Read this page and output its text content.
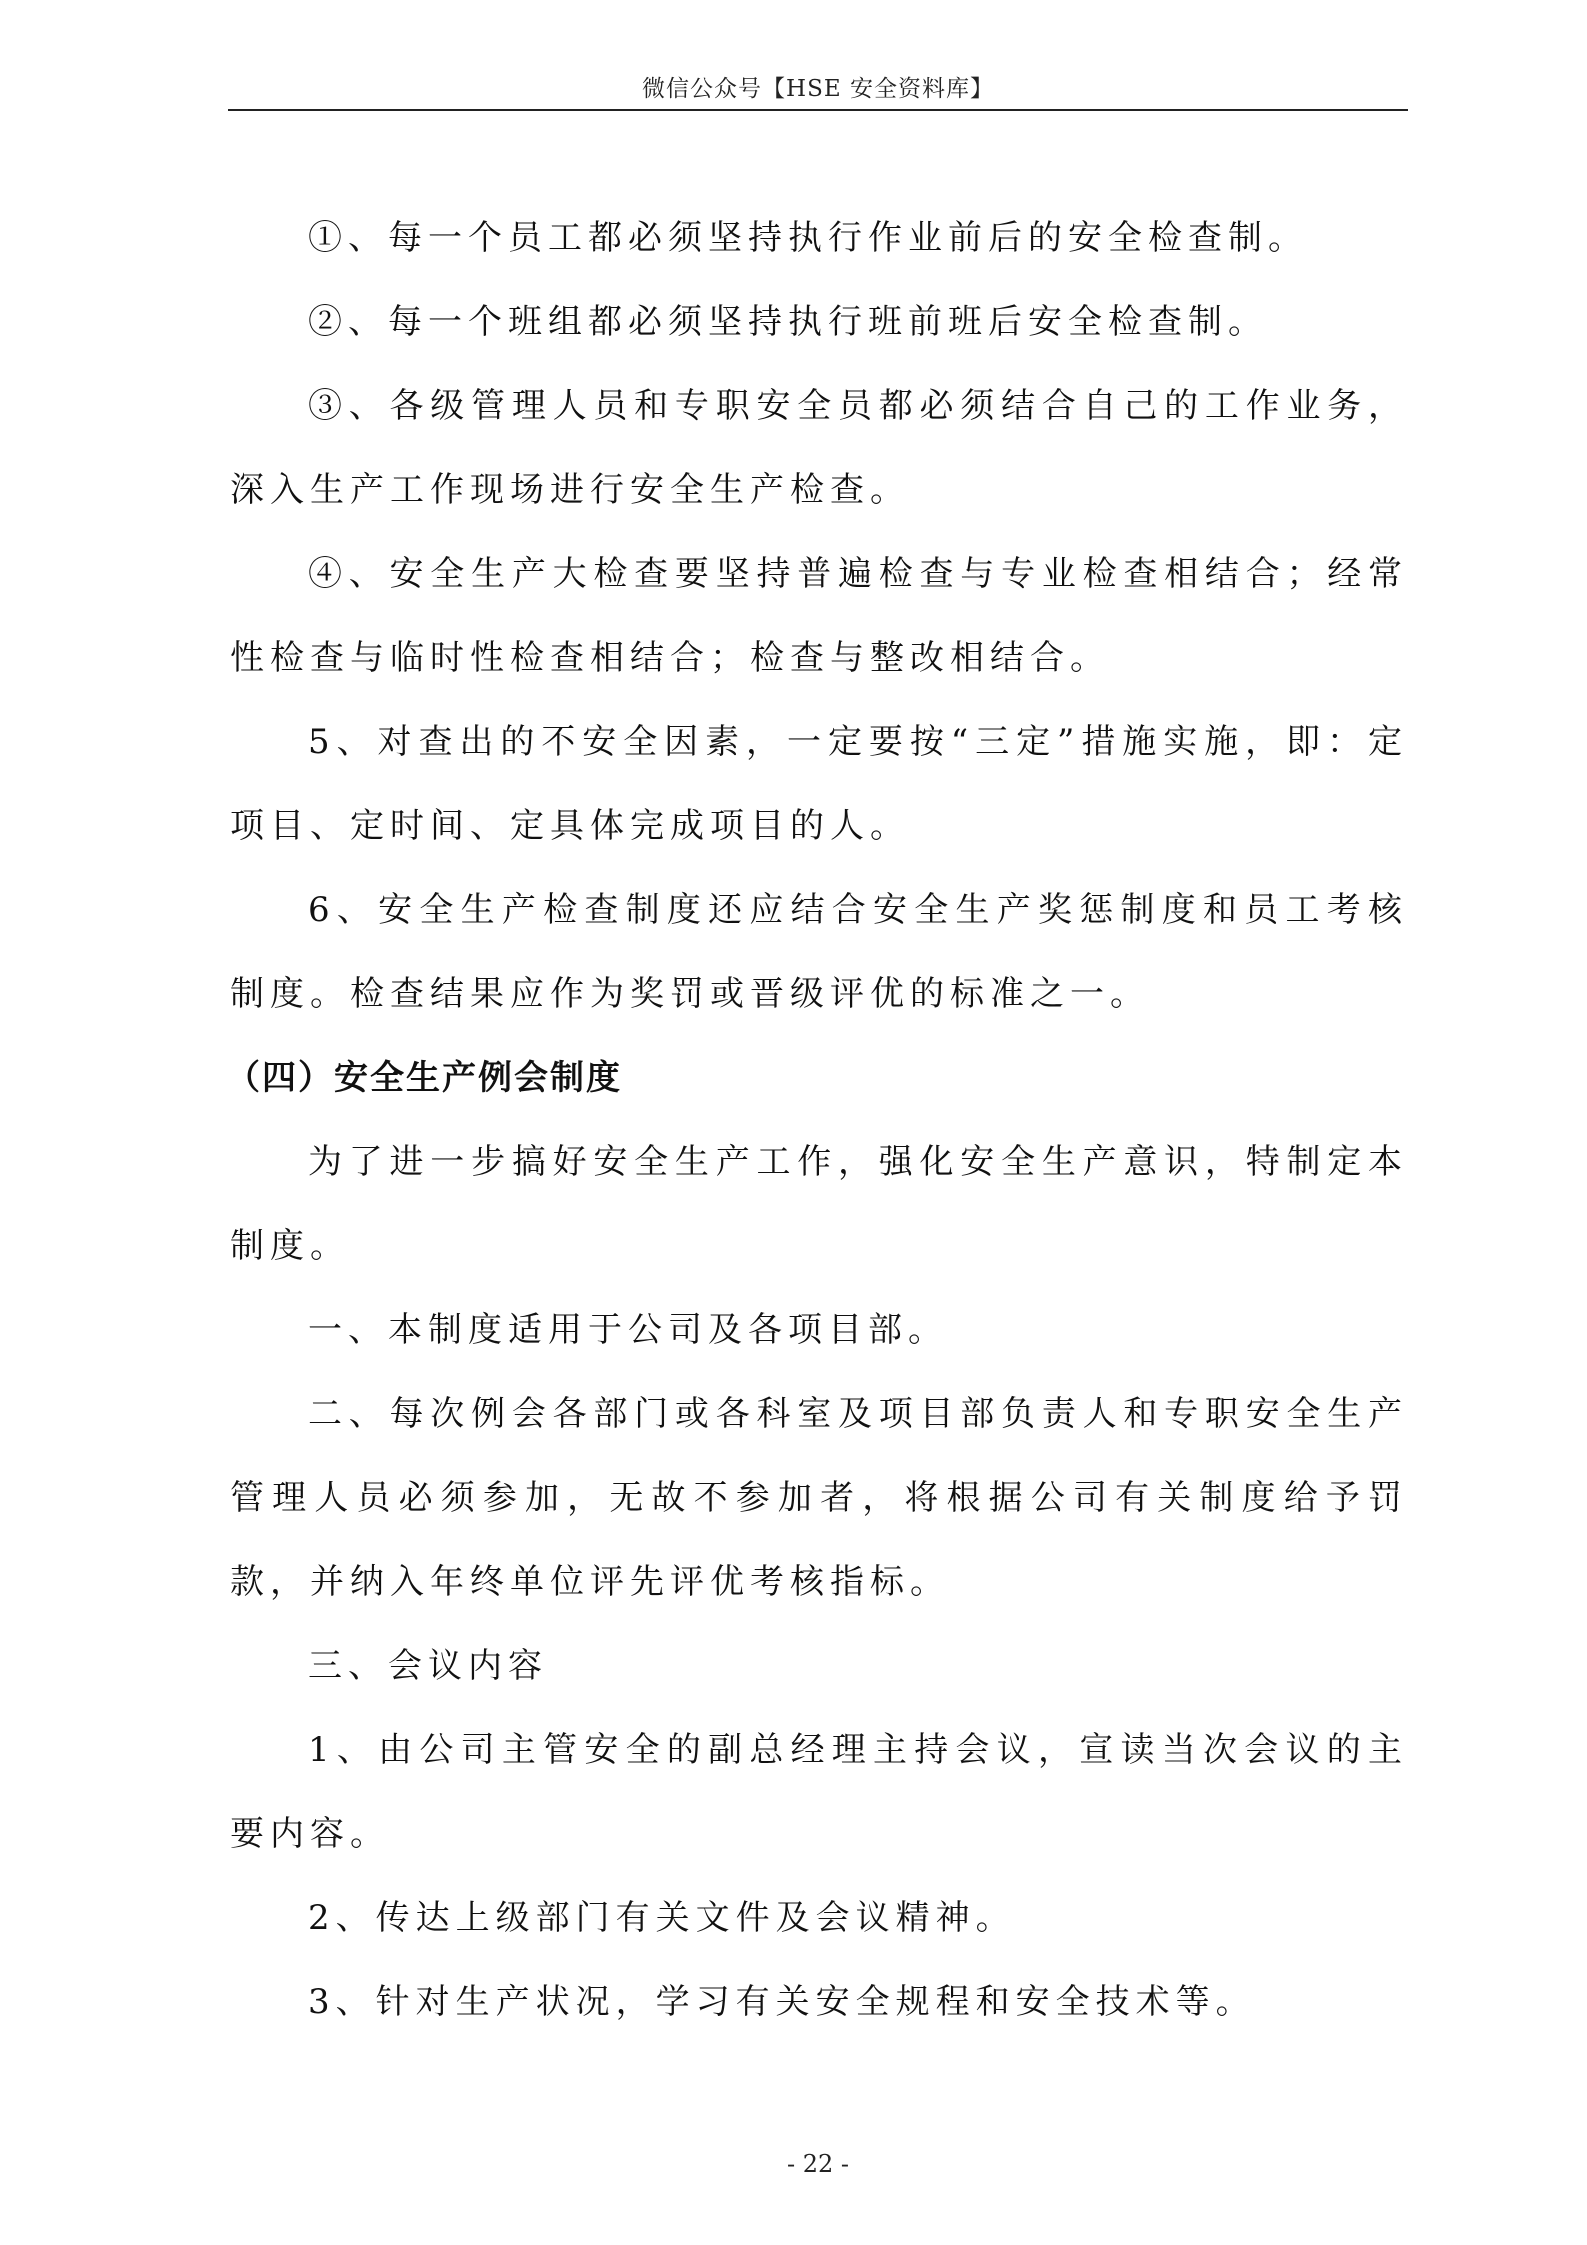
微信公众号【HSE 安全资料库】

①、每一个员工都必须坚持执行作业前后的安全检查制。

②、每一个班组都必须坚持执行班前班后安全检查制。

③、各级管理人员和专职安全员都必须结合自己的工作业务，深入生产工作现场进行安全生产检查。

④、安全生产大检查要坚持普遍检查与专业检查相结合；经常性检查与临时性检查相结合；检查与整改相结合。

5、对查出的不安全因素，一定要按“三定”措施实施，即：定项目、定时间、定具体完成项目的人。

6、安全生产检查制度还应结合安全生产奖惩制度和员工考核制度。检查结果应作为奖罚或晋级评优的标准之一。

（四）安全生产例会制度

为了进一步搞好安全生产工作，强化安全生产意识，特制定本制度。

一、本制度适用于公司及各项目部。

二、每次例会各部门或各科室及项目部负责人和专职安全生产管理人员必须参加，无故不参加者，将根据公司有关制度给予罚款，并纳入年终单位评先评优考核指标。

三、会议内容

1、由公司主管安全的副总经理主持会议，宣读当次会议的主要内容。

2、传达上级部门有关文件及会议精神。

3、针对生产状况，学习有关安全规程和安全技术等。

- 22 -
